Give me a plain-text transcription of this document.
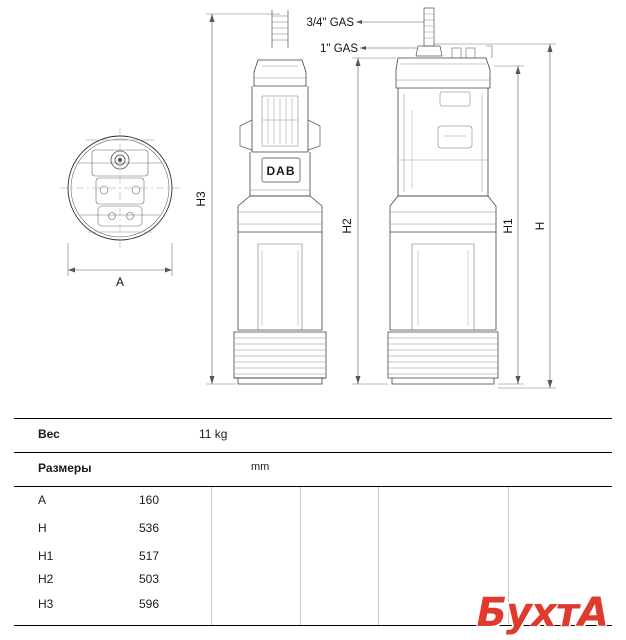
DAB
A
H3
H2	H1 H
3/4" GAS
1" GAS
Вес	11 kg
Размеры	mm
A	160
H	536
H1	517
H2	503
H3	596	БухтА
